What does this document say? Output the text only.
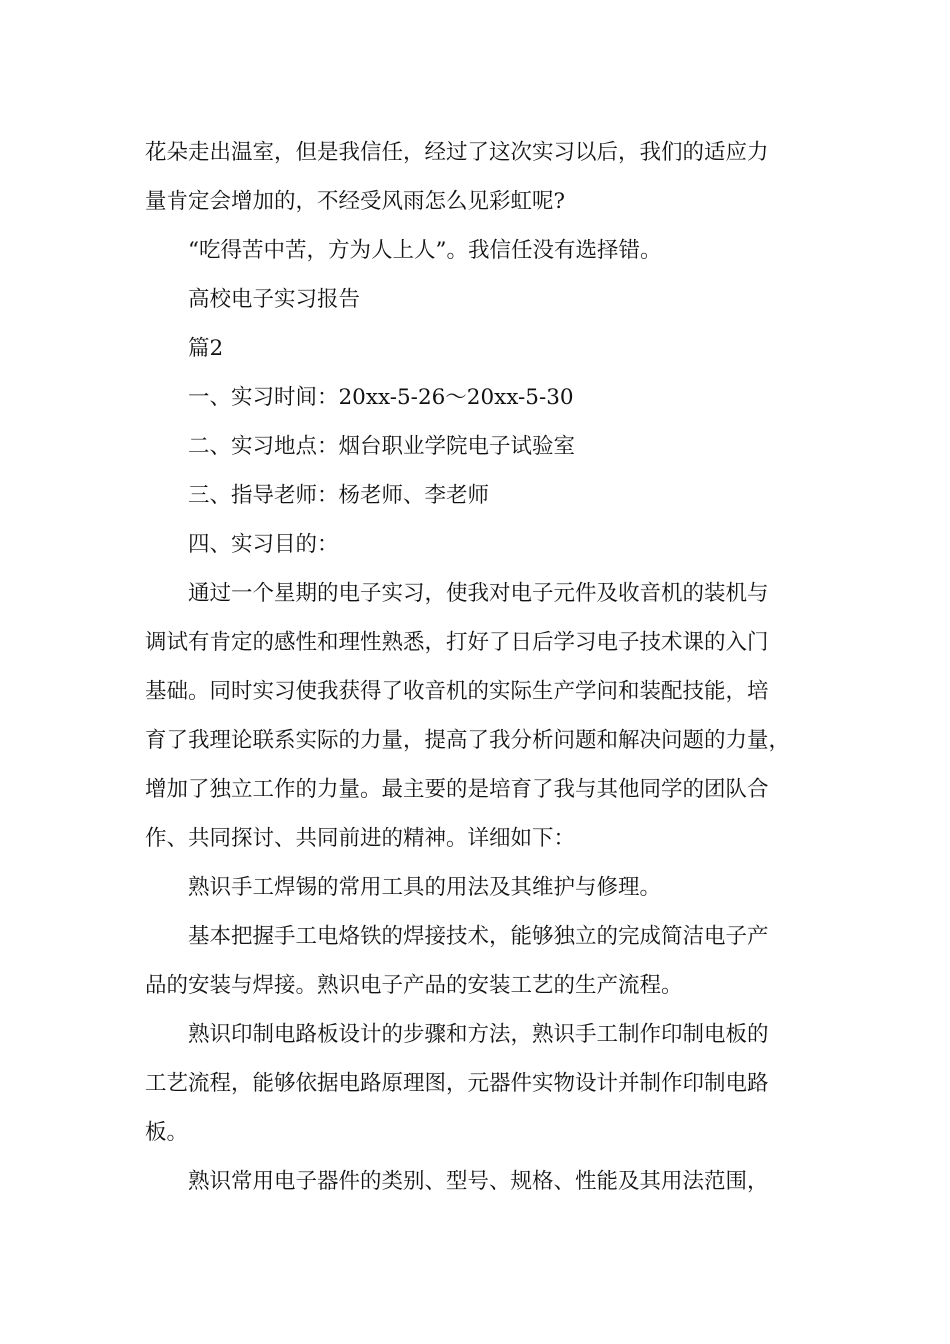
花朵走出温室，但是我信任，经过了这次实习以后，我们的适应力
量肯定会增加的，不经受风雨怎么见彩虹呢?
“吃得苦中苦，方为人上人”。我信任没有选择错。
高校电子实习报告
篇2
一、实习时间：20xx-5-26～20xx-5-30
二、实习地点：烟台职业学院电子试验室
三、指导老师：杨老师、李老师
四、实习目的：
通过一个星期的电子实习，使我对电子元件及收音机的装机与
调试有肯定的感性和理性熟悉，打好了日后学习电子技术课的入门
基础。同时实习使我获得了收音机的实际生产学问和装配技能，培
育了我理论联系实际的力量，提高了我分析问题和解决问题的力量，
增加了独立工作的力量。最主要的是培育了我与其他同学的团队合
作、共同探讨、共同前进的精神。详细如下：
熟识手工焊锡的常用工具的用法及其维护与修理。
基本把握手工电烙铁的焊接技术，能够独立的完成简洁电子产
品的安装与焊接。熟识电子产品的安装工艺的生产流程。
熟识印制电路板设计的步骤和方法，熟识手工制作印制电板的
工艺流程，能够依据电路原理图，元器件实物设计并制作印制电路
板。
熟识常用电子器件的类别、型号、规格、性能及其用法范围，
